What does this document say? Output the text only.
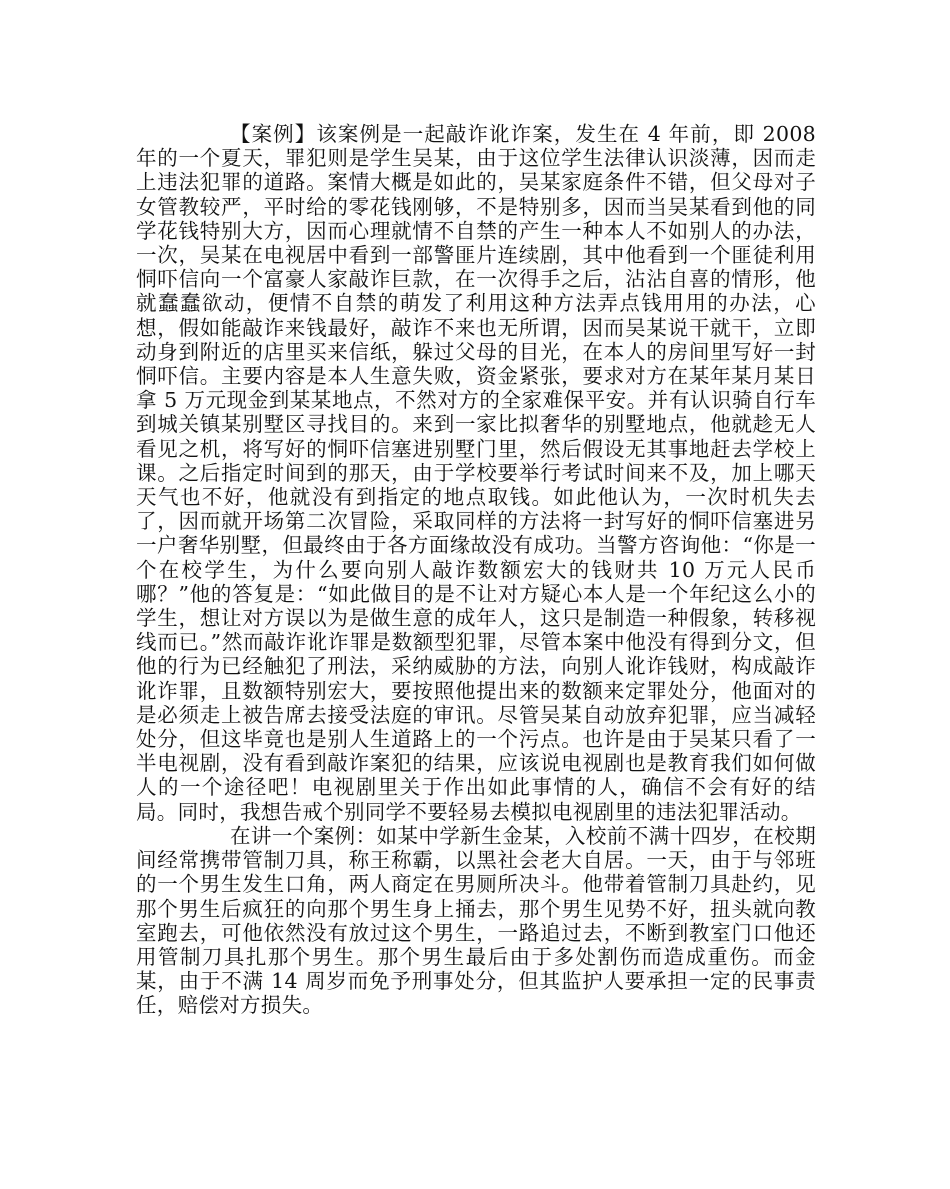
【案例】该案例是一起敲诈讹诈案，发生在 4 年前，即 2008 年的一个夏天，罪犯则是学生吴某，由于这位学生法律认识淡薄，因而走上违法犯罪的道路。案情大概是如此的，吴某家庭条件不错，但父母对子女管教较严，平时给的零花钱刚够，不是特别多，因而当吴某看到他的同学花钱特别大方，因而心理就情不自禁的产生一种本人不如别人的办法，一次，吴某在电视居中看到一部警匪片连续剧，其中他看到一个匪徒利用恫吓信向一个富豪人家敲诈巨款，在一次得手之后，沾沾自喜的情形，他就蠢蠢欲动，便情不自禁的萌发了利用这种方法弄点钱用用的办法，心想，假如能敲诈来钱最好，敲诈不来也无所谓，因而吴某说干就干，立即动身到附近的店里买来信纸，躲过父母的目光，在本人的房间里写好一封恫吓信。主要内容是本人生意失败，资金紧张，要求对方在某年某月某日拿 5 万元现金到某某地点，不然对方的全家难保平安。并有认识骑自行车到城关镇某别墅区寻找目的。来到一家比拟奢华的别墅地点，他就趁无人看见之机，将写好的恫吓信塞进别墅门里，然后假设无其事地赶去学校上课。之后指定时间到的那天，由于学校要举行考试时间来不及，加上哪天天气也不好，他就没有到指定的地点取钱。如此他认为，一次时机失去了，因而就开场第二次冒险，采取同样的方法将一封写好的恫吓信塞进另一户奢华别墅，但最终由于各方面缘故没有成功。当警方咨询他：“你是一个在校学生，为什么要向别人敲诈数额宏大的钱财共 10 万元人民币哪？”他的答复是：“如此做目的是不让对方疑心本人是一个年纪这么小的学生，想让对方误以为是做生意的成年人，这只是制造一种假象，转移视线而已。”然而敲诈讹诈罪是数额型犯罪，尽管本案中他没有得到分文，但他的行为已经触犯了刑法，采纳威胁的方法，向别人讹诈钱财，构成敲诈讹诈罪，且数额特别宏大，要按照他提出来的数额来定罪处分，他面对的是必须走上被告席去接受法庭的审讯。尽管吴某自动放弃犯罪，应当减轻处分，但这毕竟也是别人生道路上的一个污点。也许是由于吴某只看了一半电视剧，没有看到敲诈案犯的结果，应该说电视剧也是教育我们如何做人的一个途径吧！电视剧里关于作出如此事情的人，确信不会有好的结局。同时，我想告戒个别同学不要轻易去模拟电视剧里的违法犯罪活动。

在讲一个案例：如某中学新生金某，入校前不满十四岁，在校期间经常携带管制刀具，称王称霸，以黑社会老大自居。一天，由于与邻班的一个男生发生口角，两人商定在男厕所决斗。他带着管制刀具赴约，见那个男生后疯狂的向那个男生身上捅去，那个男生见势不好，扭头就向教室跑去，可他依然没有放过这个男生，一路追过去，不断到教室门口他还用管制刀具扎那个男生。那个男生最后由于多处割伤而造成重伤。而金某，由于不满 14 周岁而免予刑事处分，但其监护人要承担一定的民事责任，赔偿对方损失。
